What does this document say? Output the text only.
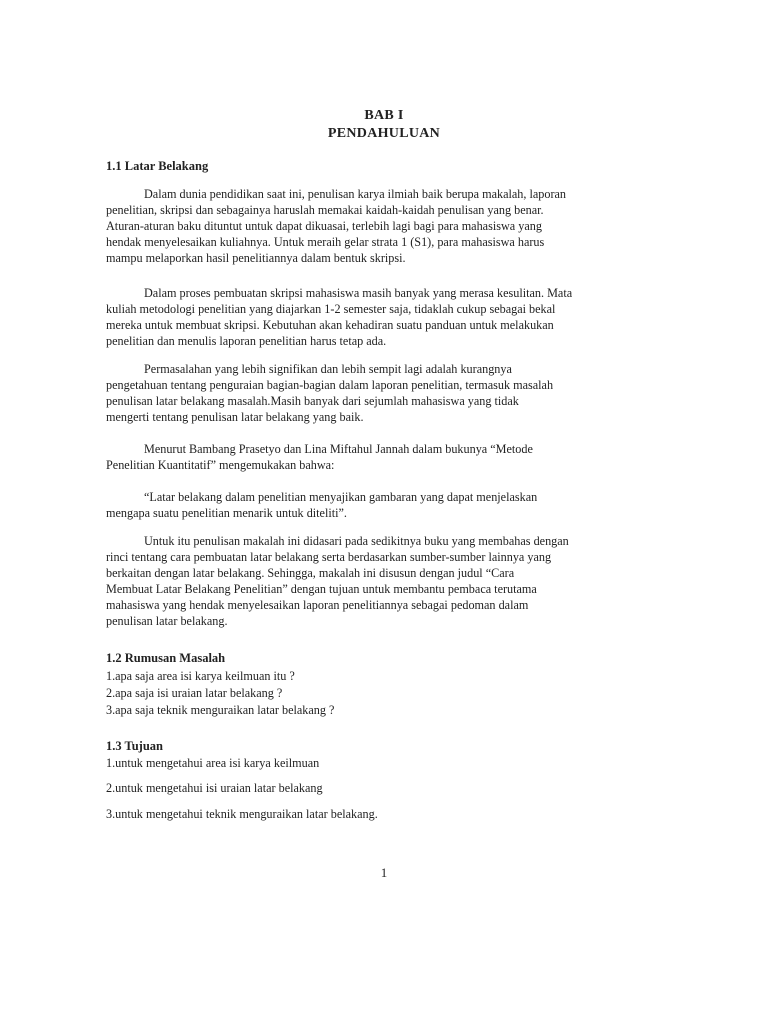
BAB I
PENDAHULUAN
1.1 Latar Belakang

Dalam dunia pendidikan saat ini, penulisan karya ilmiah baik berupa makalah, laporan
penelitian, skripsi dan sebagainya haruslah memakai kaidah-kaidah penulisan yang benar.
Aturan-aturan baku dituntut untuk dapat dikuasai, terlebih lagi bagi para mahasiswa yang
hendak menyelesaikan kuliahnya. Untuk meraih gelar strata 1 (S1), para mahasiswa harus
mampu melaporkan hasil penelitiannya dalam bentuk skripsi.

Dalam proses pembuatan skripsi mahasiswa masih banyak yang merasa kesulitan. Mata
kuliah metodologi penelitian yang diajarkan 1-2 semester saja, tidaklah cukup sebagai bekal
mereka untuk membuat skripsi. Kebutuhan akan kehadiran suatu panduan untuk melakukan
penelitian dan menulis laporan penelitian harus tetap ada.

Permasalahan yang lebih signifikan dan lebih sempit lagi adalah kurangnya
pengetahuan tentang penguraian bagian-bagian dalam laporan penelitian, termasuk masalah
penulisan latar belakang masalah.Masih banyak dari sejumlah mahasiswa yang tidak
mengerti tentang penulisan latar belakang yang baik.

Menurut Bambang Prasetyo dan Lina Miftahul Jannah dalam bukunya “Metode
Penelitian Kuantitatif” mengemukakan bahwa:

“Latar belakang dalam penelitian menyajikan gambaran yang dapat menjelaskan
mengapa suatu penelitian menarik untuk diteliti”.

Untuk itu penulisan makalah ini didasari pada sedikitnya buku yang membahas dengan
rinci tentang cara pembuatan latar belakang serta berdasarkan sumber-sumber lainnya yang
berkaitan dengan latar belakang. Sehingga, makalah ini disusun dengan judul “Cara
Membuat Latar Belakang Penelitian” dengan tujuan untuk membantu pembaca terutama
mahasiswa yang hendak menyelesaikan laporan penelitiannya sebagai pedoman dalam
penulisan latar belakang.

1.2 Rumusan Masalah
1.apa saja area isi karya keilmuan itu ?
2.apa saja isi uraian latar belakang ?
3.apa saja teknik menguraikan latar belakang ?
1.3 Tujuan
1.untuk mengetahui area isi karya keilmuan
2.untuk mengetahui isi uraian latar belakang
3.untuk mengetahui teknik menguraikan latar belakang.
1
